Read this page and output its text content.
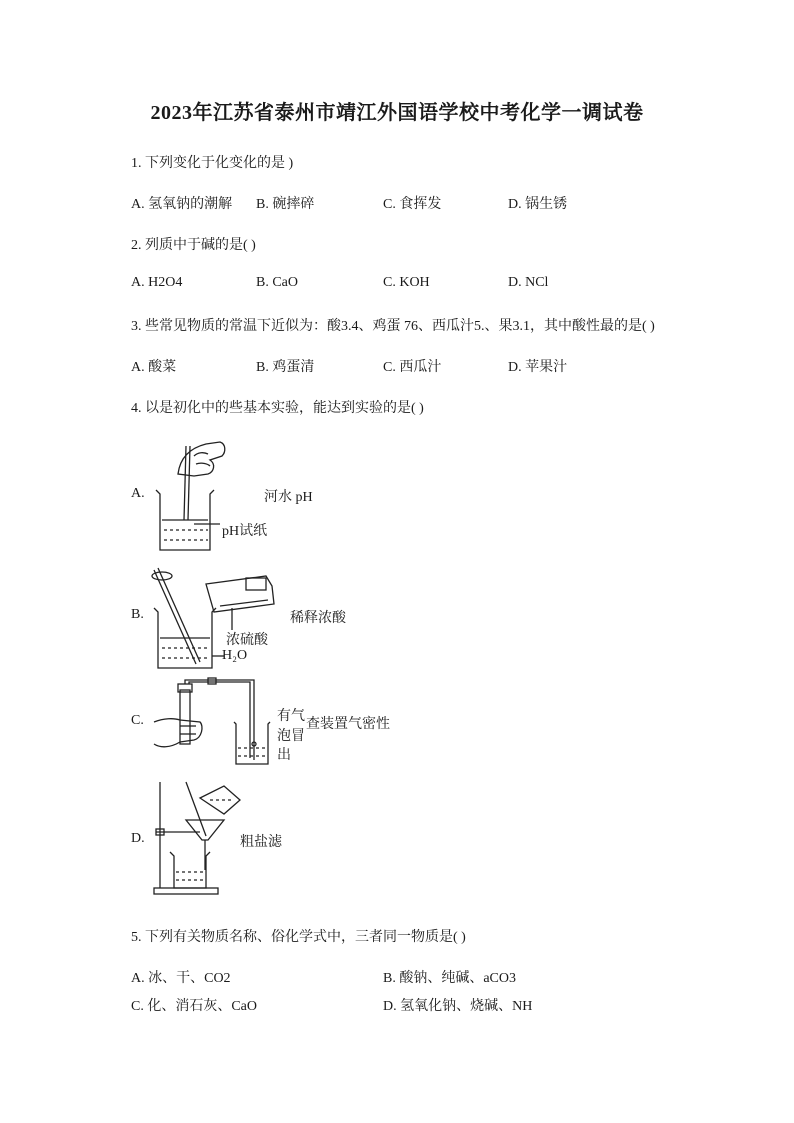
2023年江苏省泰州市靖江外国语学校中考化学一调试卷
1. 下列变化于化变化的是 )
A. 氢氧钠的潮解 B. 碗摔碎	C. 食挥发	D. 锅生锈
2. 列质中于碱的是( )
A. H2O4	B. CaO	C. KOH	D. NCl
3. 些常见物质的常温下近似为：酸3.4、鸡蛋 76、西瓜汁5.、果3.1，其中酸性最的是( )
A. 酸菜	B. 鸡蛋清	C. 西瓜汁	D. 苹果汁
4. 以是初化中的些基本实验，能达到实验的是( )
A.	河水 pH
pH试纸
B.	稀释浓酸
浓硫酸
H₂O
C.	有气
查装置气密性
泡冒
出
D.	粗盐滤
5. 下列有关物质名称、俗化学式中，三者同一物质是( )
A. 冰、干、CO2	B. 酸钠、纯碱、aCO3
C. 化、消石灰、CaO	D. 氢氧化钠、烧碱、NH
